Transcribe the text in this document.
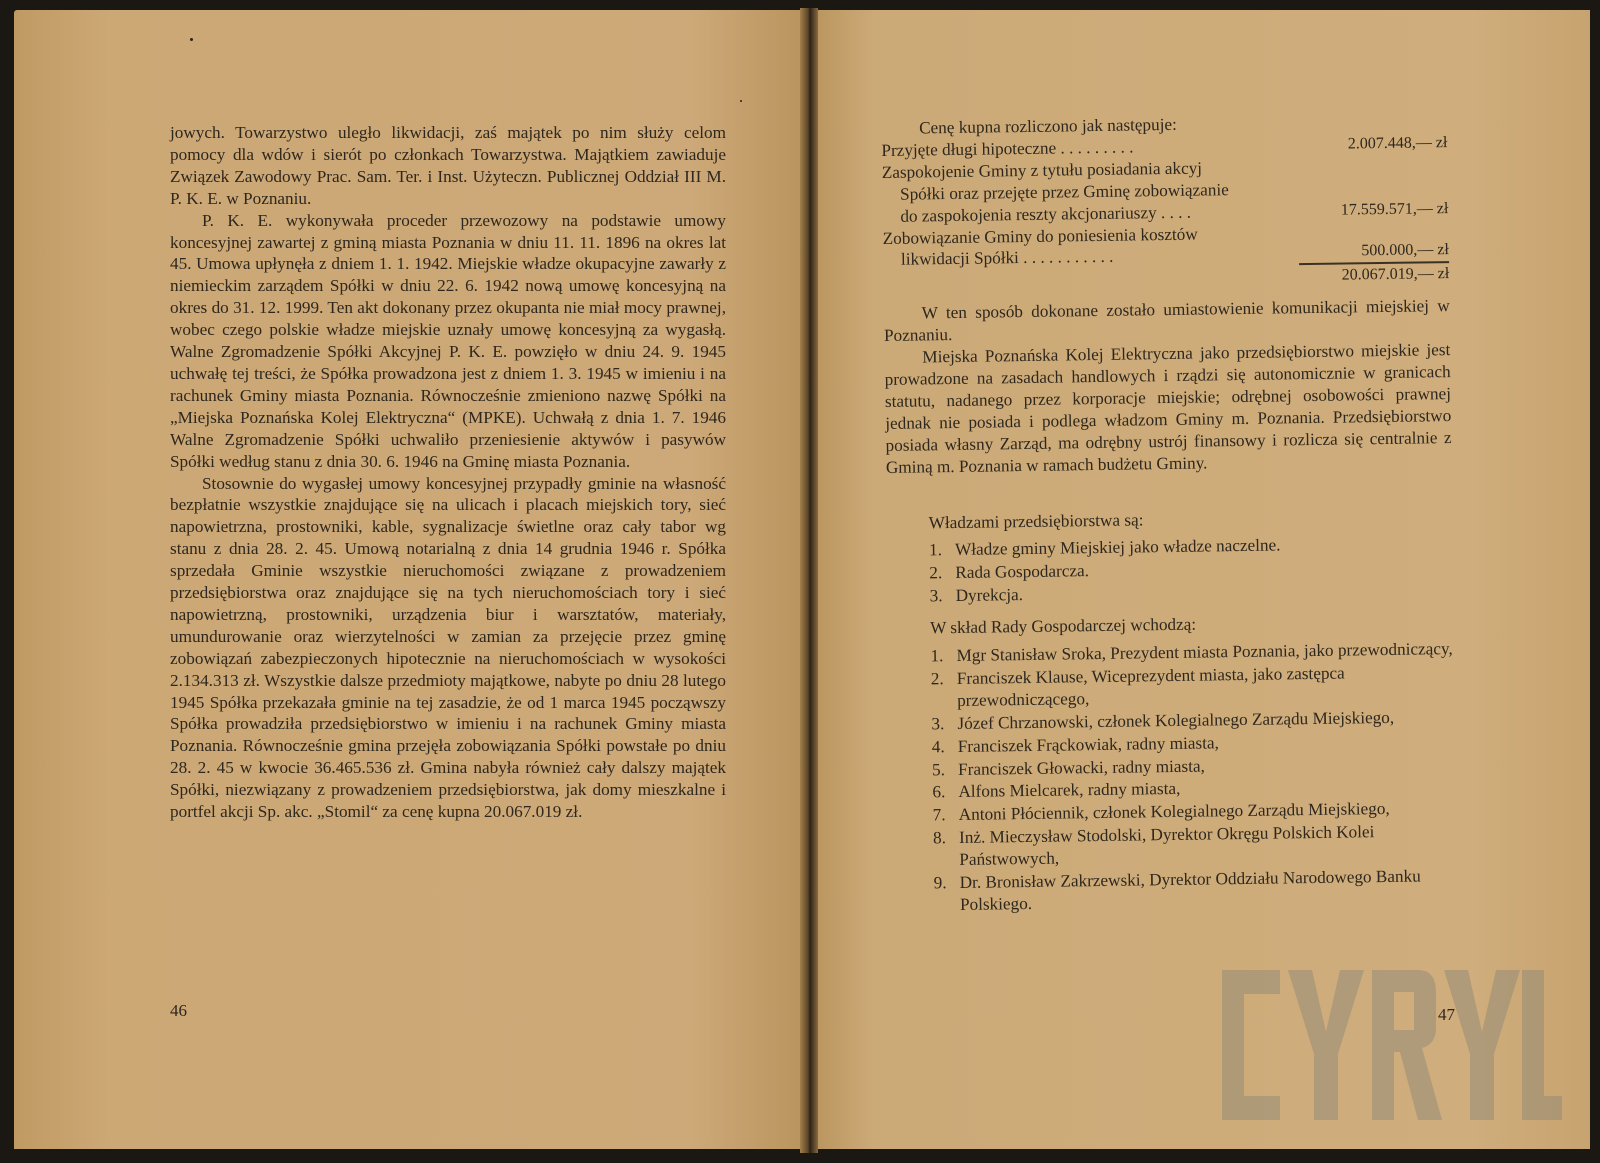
jowych. Towarzystwo uległo likwidacji, zaś majątek po nim służy celom pomocy dla wdów i sierót po członkach Towarzystwa. Majątkiem zawiaduje Związek Zawodowy Prac. Sam. Ter. i Inst. Użyteczn. Publicznej Oddział III M. P. K. E. w Poznaniu.

P. K. E. wykonywała proceder przewozowy na podstawie umowy koncesyjnej zawartej z gminą miasta Poznania w dniu 11. 11. 1896 na okres lat 45. Umowa upłynęła z dniem 1. 1. 1942. Miejskie władze okupacyjne zawarły z niemieckim zarządem Spółki w dniu 22. 6. 1942 nową umowę koncesyjną na okres do 31. 12. 1999. Ten akt dokonany przez okupanta nie miał mocy prawnej, wobec czego polskie władze miejskie uznały umowę koncesyjną za wygasłą. Walne Zgromadzenie Spółki Akcyjnej P. K. E. powzięło w dniu 24. 9. 1945 uchwałę tej treści, że Spółka prowadzona jest z dniem 1. 3. 1945 w imieniu i na rachunek Gminy miasta Poznania. Równocześnie zmieniono nazwę Spółki na „Miejska Poznańska Kolej Elektryczna“ (MPKE). Uchwałą z dnia 1. 7. 1946 Walne Zgromadzenie Spółki uchwaliło przeniesienie aktywów i pasywów Spółki według stanu z dnia 30. 6. 1946 na Gminę miasta Poznania.

Stosownie do wygasłej umowy koncesyjnej przypadły gminie na własność bezpłatnie wszystkie znajdujące się na ulicach i placach miejskich tory, sieć napowietrzna, prostowniki, kable, sygnalizacje świetlne oraz cały tabor wg stanu z dnia 28. 2. 45. Umową notarialną z dnia 14 grudnia 1946 r. Spółka sprzedała Gminie wszystkie nieruchomości związane z prowadzeniem przedsiębiorstwa oraz znajdujące się na tych nieruchomościach tory i sieć napowietrzną, prostowniki, urządzenia biur i warsztatów, materiały, umundurowanie oraz wierzytelności w zamian za przejęcie przez gminę zobowiązań zabezpieczonych hipotecznie na nieruchomościach w wysokości 2.134.313 zł. Wszystkie dalsze przedmioty majątkowe, nabyte po dniu 28 lutego 1945 Spółka przekazała gminie na tej zasadzie, że od 1 marca 1945 począwszy Spółka prowadziła przedsiębiorstwo w imieniu i na rachunek Gminy miasta Poznania. Równocześnie gmina przejęła zobowiązania Spółki powstałe po dniu 28. 2. 45 w kwocie 36.465.536 zł. Gmina nabyła również cały dalszy majątek Spółki, niezwiązany z prowadzeniem przedsiębiorstwa, jak domy mieszkalne i portfel akcji Sp. akc. „Stomil“ za cenę kupna 20.067.019 zł.

46

Cenę kupna rozliczono jak następuje:

Przyjęte długi hipoteczne . . . . . . . . .	2.007.448,— zł
Zaspokojenie Gminy z tytułu posiadania akcyj
Spółki oraz przejęte przez Gminę zobowiązanie
do zaspokojenia reszty akcjonariuszy . . . .	17.559.571,— zł
Zobowiązanie Gminy do poniesienia kosztów
likwidacji Spółki . . . . . . . . . . .	500.000,— zł
20.067.019,— zł

W ten sposób dokonane zostało umiastowienie komunikacji miejskiej w Poznaniu.

Miejska Poznańska Kolej Elektryczna jako przedsiębiorstwo miejskie jest prowadzone na zasadach handlowych i rządzi się autonomicznie w granicach statutu, nadanego przez korporacje miejskie; odrębnej osobowości prawnej jednak nie posiada i podlega władzom Gminy m. Poznania. Przedsiębiorstwo posiada własny Zarząd, ma odrębny ustrój finansowy i rozlicza się centralnie z Gminą m. Poznania w ramach budżetu Gminy.

Władzami przedsiębiorstwa są:
1. Władze gminy Miejskiej jako władze naczelne.
2. Rada Gospodarcza.
3. Dyrekcja.
W skład Rady Gospodarczej wchodzą:
1. Mgr Stanisław Sroka, Prezydent miasta Poznania, jako przewodniczący,
2. Franciszek Klause, Wiceprezydent miasta, jako zastępca przewodniczącego,
3. Józef Chrzanowski, członek Kolegialnego Zarządu Miejskiego,
4. Franciszek Frąckowiak, radny miasta,
5. Franciszek Głowacki, radny miasta,
6. Alfons Mielcarek, radny miasta,
7. Antoni Płóciennik, członek Kolegialnego Zarządu Miejskiego,
8. Inż. Mieczysław Stodolski, Dyrektor Okręgu Polskich Kolei Państwowych,
9. Dr. Bronisław Zakrzewski, Dyrektor Oddziału Narodowego Banku Polskiego.
47
